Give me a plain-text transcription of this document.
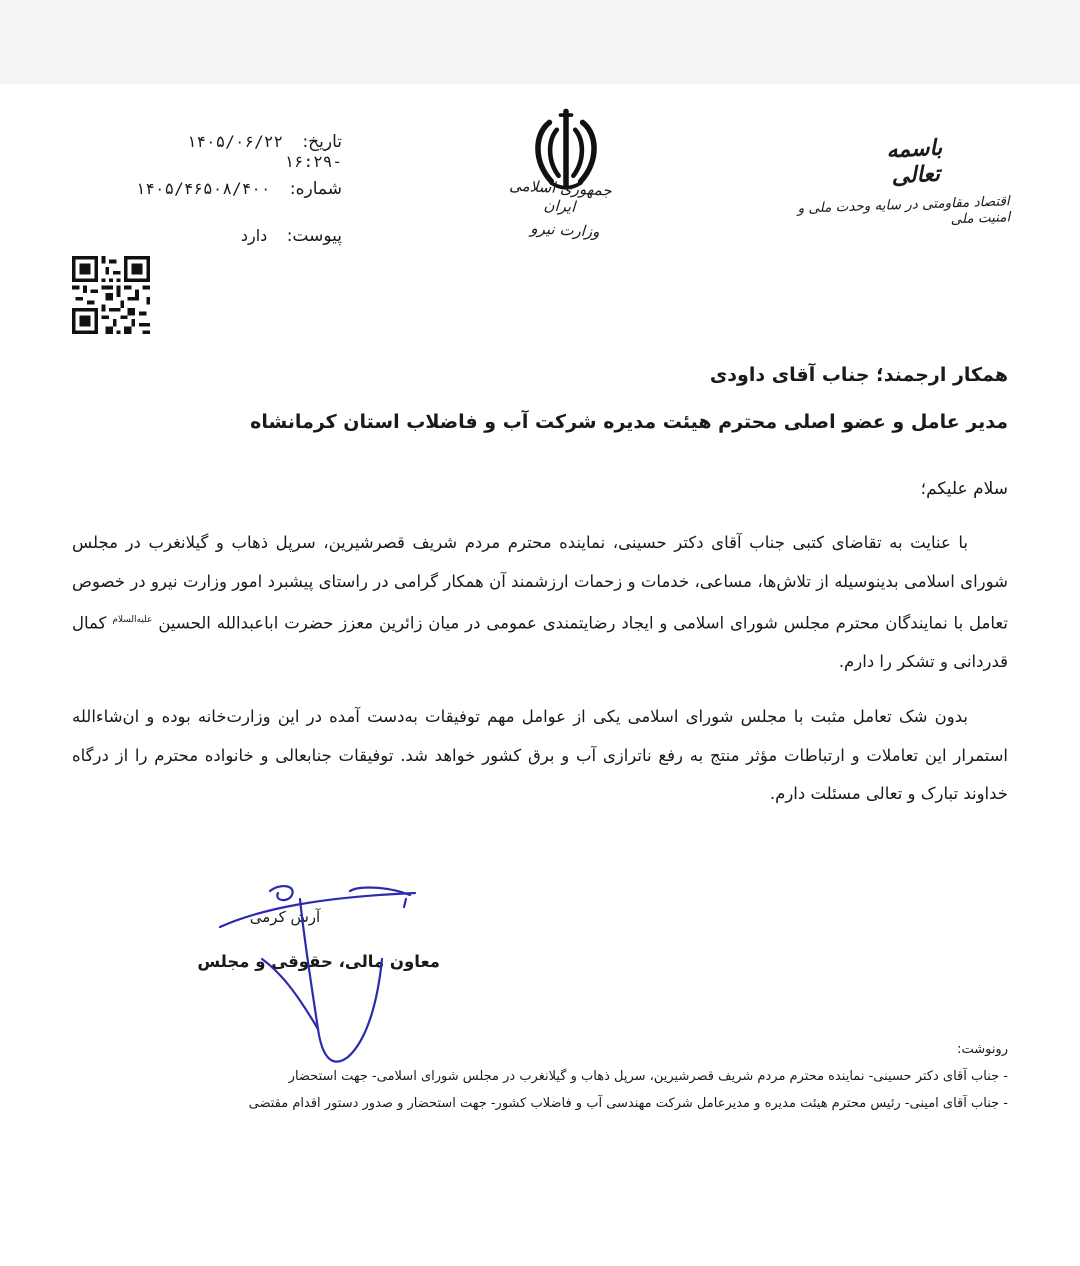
تاریخ: ۱۴۰۵/۰۶/۲۲ -۱۶:۲۹
شماره: ۱۴۰۵/۴۶۵۰۸/۴۰۰
پیوست: دارد
جمهوری اسلامی ایران
وزارت نیرو
باسمه تعالی
اقتصاد مقاومتی در سایه وحدت ملی و امنیت ملی
همکار ارجمند؛ جناب آقای داودی
مدیر عامل و عضو اصلی محترم هیئت مدیره شرکت آب و فاضلاب استان کرمانشاه
سلام علیکم؛
با عنایت به تقاضای کتبی جناب آقای دکتر حسینی، نماینده محترم مردم شریف قصرشیرین، سرپل ذهاب و گیلانغرب در مجلس شورای اسلامی بدینوسیله از تلاش‌ها، مساعی، خدمات و زحمات ارزشمند آن همکار گرامی در راستای پیشبرد امور وزارت نیرو در خصوص تعامل با نمایندگان محترم مجلس شورای اسلامی و ایجاد رضایتمندی عمومی در میان زائرین معزز حضرت اباعبدالله الحسین $^{علیه‌السلام}$ کمال قدردانی و تشکر را دارم.
بدون شک تعامل مثبت با مجلس شورای اسلامی یکی از عوامل مهم توفیقات به‌دست آمده در این وزارت‌خانه بوده و ان‌شاءالله استمرار این تعاملات و ارتباطات مؤثر منتج به رفع ناترازی آب و برق کشور خواهد شد. توفیقات جنابعالی و خانواده محترم را از درگاه خداوند تبارک و تعالی مسئلت دارم.
آرش کرمی
معاون مالی، حقوقی و مجلس
رونوشت:
- جناب آقای دکتر حسینی- نماینده محترم مردم شریف قصرشیرین، سرپل ذهاب و گیلانغرب در مجلس شورای اسلامی- جهت استحضار
- جناب آقای امینی- رئیس محترم هیئت مدیره و مدیرعامل شرکت مهندسی آب و فاضلاب کشور- جهت استحضار و صدور دستور اقدام مقتضی
